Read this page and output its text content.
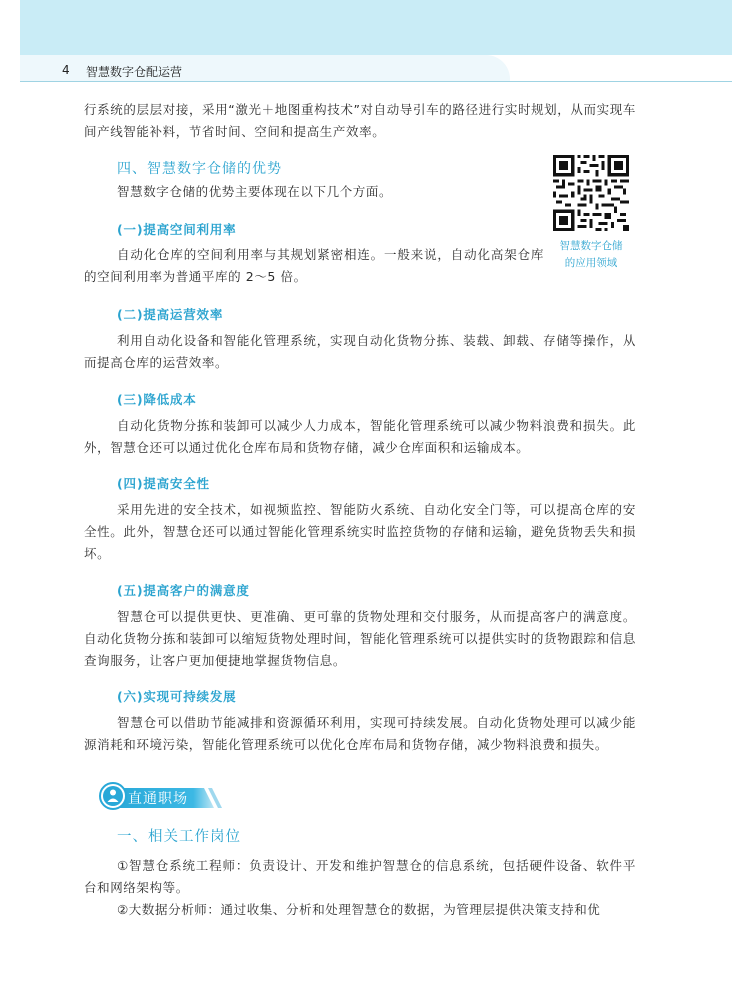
4 智慧数字仓配运营

行系统的层层对接，采用“激光＋地图重构技术”对自动导引车的路径进行实时规划，从而实现车间产线智能补料，节省时间、空间和提高生产效率。

四、智慧数字仓储的优势

智慧数字仓储的优势主要体现在以下几个方面。

智慧数字仓储
的应用领域
(一)提高空间利用率

自动化仓库的空间利用率与其规划紧密相连。一般来说，自动化高架仓库的空间利用率为普通平库的 2～5 倍。

(二)提高运营效率

利用自动化设备和智能化管理系统，实现自动化货物分拣、装载、卸载、存储等操作，从而提高仓库的运营效率。

(三)降低成本

自动化货物分拣和装卸可以减少人力成本，智能化管理系统可以减少物料浪费和损失。此外，智慧仓还可以通过优化仓库布局和货物存储，减少仓库面积和运输成本。

(四)提高安全性

采用先进的安全技术，如视频监控、智能防火系统、自动化安全门等，可以提高仓库的安全性。此外，智慧仓还可以通过智能化管理系统实时监控货物的存储和运输，避免货物丢失和损坏。

(五)提高客户的满意度

智慧仓可以提供更快、更准确、更可靠的货物处理和交付服务，从而提高客户的满意度。自动化货物分拣和装卸可以缩短货物处理时间，智能化管理系统可以提供实时的货物跟踪和信息查询服务，让客户更加便捷地掌握货物信息。

(六)实现可持续发展

智慧仓可以借助节能减排和资源循环利用，实现可持续发展。自动化货物处理可以减少能源消耗和环境污染，智能化管理系统可以优化仓库布局和货物存储，减少物料浪费和损失。

直通职场
一、相关工作岗位

①智慧仓系统工程师：负责设计、开发和维护智慧仓的信息系统，包括硬件设备、软件平台和网络架构等。

②大数据分析师：通过收集、分析和处理智慧仓的数据，为管理层提供决策支持和优
